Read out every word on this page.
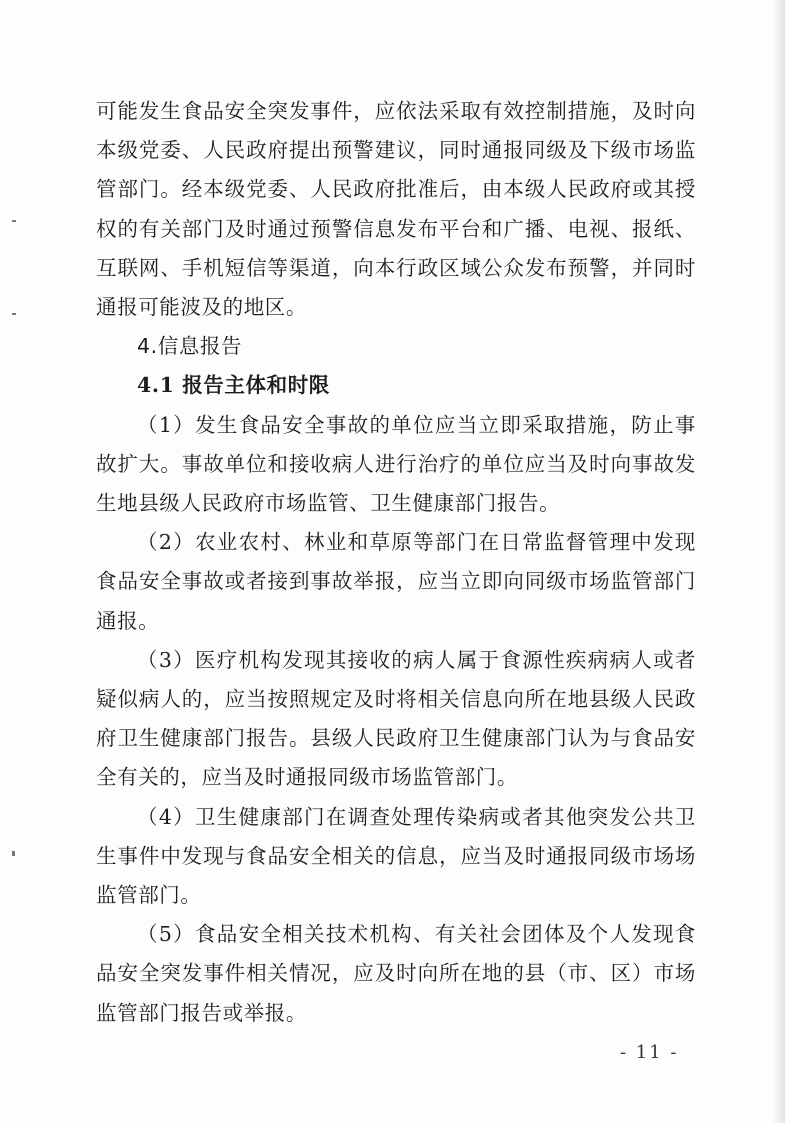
可能发生食品安全突发事件，应依法采取有效控制措施，及时向本级党委、人民政府提出预警建议，同时通报同级及下级市场监管部门。经本级党委、人民政府批准后，由本级人民政府或其授权的有关部门及时通过预警信息发布平台和广播、电视、报纸、互联网、手机短信等渠道，向本行政区域公众发布预警，并同时通报可能波及的地区。

4.信息报告

4.1 报告主体和时限

（1）发生食品安全事故的单位应当立即采取措施，防止事故扩大。事故单位和接收病人进行治疗的单位应当及时向事故发生地县级人民政府市场监管、卫生健康部门报告。

（2）农业农村、林业和草原等部门在日常监督管理中发现食品安全事故或者接到事故举报，应当立即向同级市场监管部门通报。

（3）医疗机构发现其接收的病人属于食源性疾病病人或者疑似病人的，应当按照规定及时将相关信息向所在地县级人民政府卫生健康部门报告。县级人民政府卫生健康部门认为与食品安全有关的，应当及时通报同级市场监管部门。

（4）卫生健康部门在调查处理传染病或者其他突发公共卫生事件中发现与食品安全相关的信息，应当及时通报同级市场场监管部门。

（5）食品安全相关技术机构、有关社会团体及个人发现食品安全突发事件相关情况，应及时向所在地的县（市、区）市场监管部门报告或举报。

- 11 -
